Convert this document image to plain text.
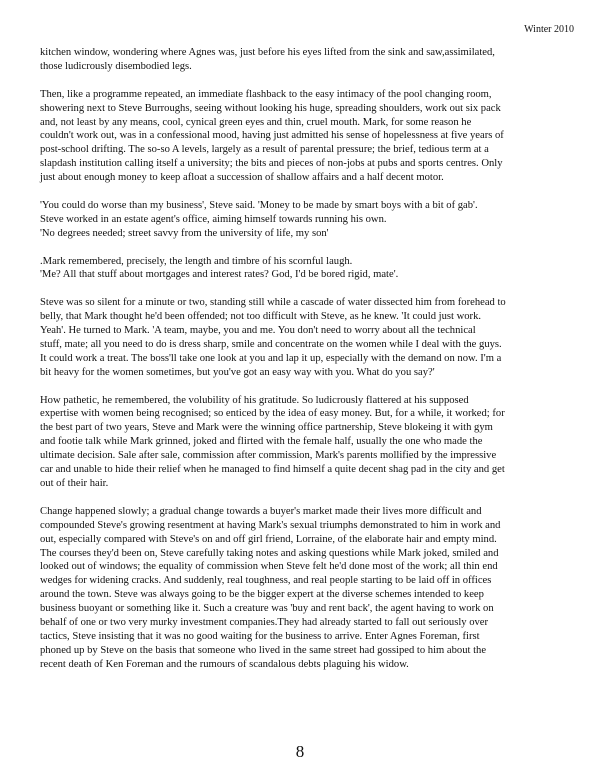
Winter 2010

kitchen window, wondering where Agnes was, just before his eyes lifted from the sink and saw,assimilated,
those ludicrously disembodied legs.

Then, like a programme repeated, an immediate flashback to the easy intimacy of the pool changing room,
showering next to Steve Burroughs, seeing without looking his huge, spreading shoulders, work out six pack
and, not least by any means, cool, cynical green eyes and thin, cruel mouth. Mark, for some reason he
couldn't work out, was in a confessional mood, having just admitted his sense of hopelessness at five years of
post-school drifting. The so-so A levels, largely as a result of parental pressure; the brief, tedious term at a
slapdash institution calling itself a university; the bits and pieces of non-jobs at pubs and sports centres. Only
just about enough money to keep afloat a succession of shallow affairs and a half decent motor.

'You could do worse than my business', Steve said. 'Money to be made by smart boys with a bit of gab'.
Steve worked in an estate agent's office, aiming himself towards running his own.
'No degrees needed; street savvy from the university of life, my son'

.Mark remembered, precisely, the length and timbre of his scornful laugh.
'Me? All that stuff about mortgages and interest rates? God, I'd be bored rigid, mate'.

Steve was so silent for a minute or two, standing still while a cascade of water dissected him from forehead to
belly, that Mark thought he'd been offended; not too difficult with Steve, as he knew. 'It could just work.
Yeah'. He turned to Mark. 'A team, maybe, you and me. You don't need to worry about all the technical
stuff, mate; all you need to do is dress sharp, smile and concentrate on the women while I deal with the guys.
It could work a treat. The boss'll take one look at you and lap it up, especially with the demand on now. I'm a
bit heavy for the women sometimes, but you've got an easy way with you. What do you say?'

How pathetic, he remembered, the volubility of his gratitude. So ludicrously flattered at his supposed
expertise with women being recognised; so enticed by the idea of easy money. But, for a while, it worked; for
the best part of two years, Steve and Mark were the winning office partnership, Steve blokeing it with gym
and footie talk while Mark grinned, joked and flirted with the female half, usually the one who made the
ultimate decision. Sale after sale, commission after commission, Mark's parents mollified by the impressive
car and unable to hide their relief when he managed to find himself a quite decent shag pad in the city and get
out of their hair.

Change happened slowly; a gradual change towards a buyer's market made their lives more difficult and
compounded Steve's growing resentment at having Mark's sexual triumphs demonstrated to him in work and
out, especially compared with Steve's on and off girl friend, Lorraine, of the elaborate hair and empty mind.
The courses they'd been on, Steve carefully taking notes and asking questions while Mark joked, smiled and
looked out of windows; the equality of commission when Steve felt he'd done most of the work; all thin end
wedges for widening cracks. And suddenly, real toughness, and real people starting to be laid off in offices
around the town. Steve was always going to be the bigger expert at the diverse schemes intended to keep
business buoyant or something like it. Such a creature was 'buy and rent back', the agent having to work on
behalf of one or two very murky investment companies.They had already started to fall out seriously over
tactics, Steve insisting that it was no good waiting for the business to arrive. Enter Agnes Foreman, first
phoned up by Steve on the basis that someone who lived in the same street had gossiped to him about the
recent death of Ken Foreman and the rumours of scandalous debts plaguing his widow.

8
